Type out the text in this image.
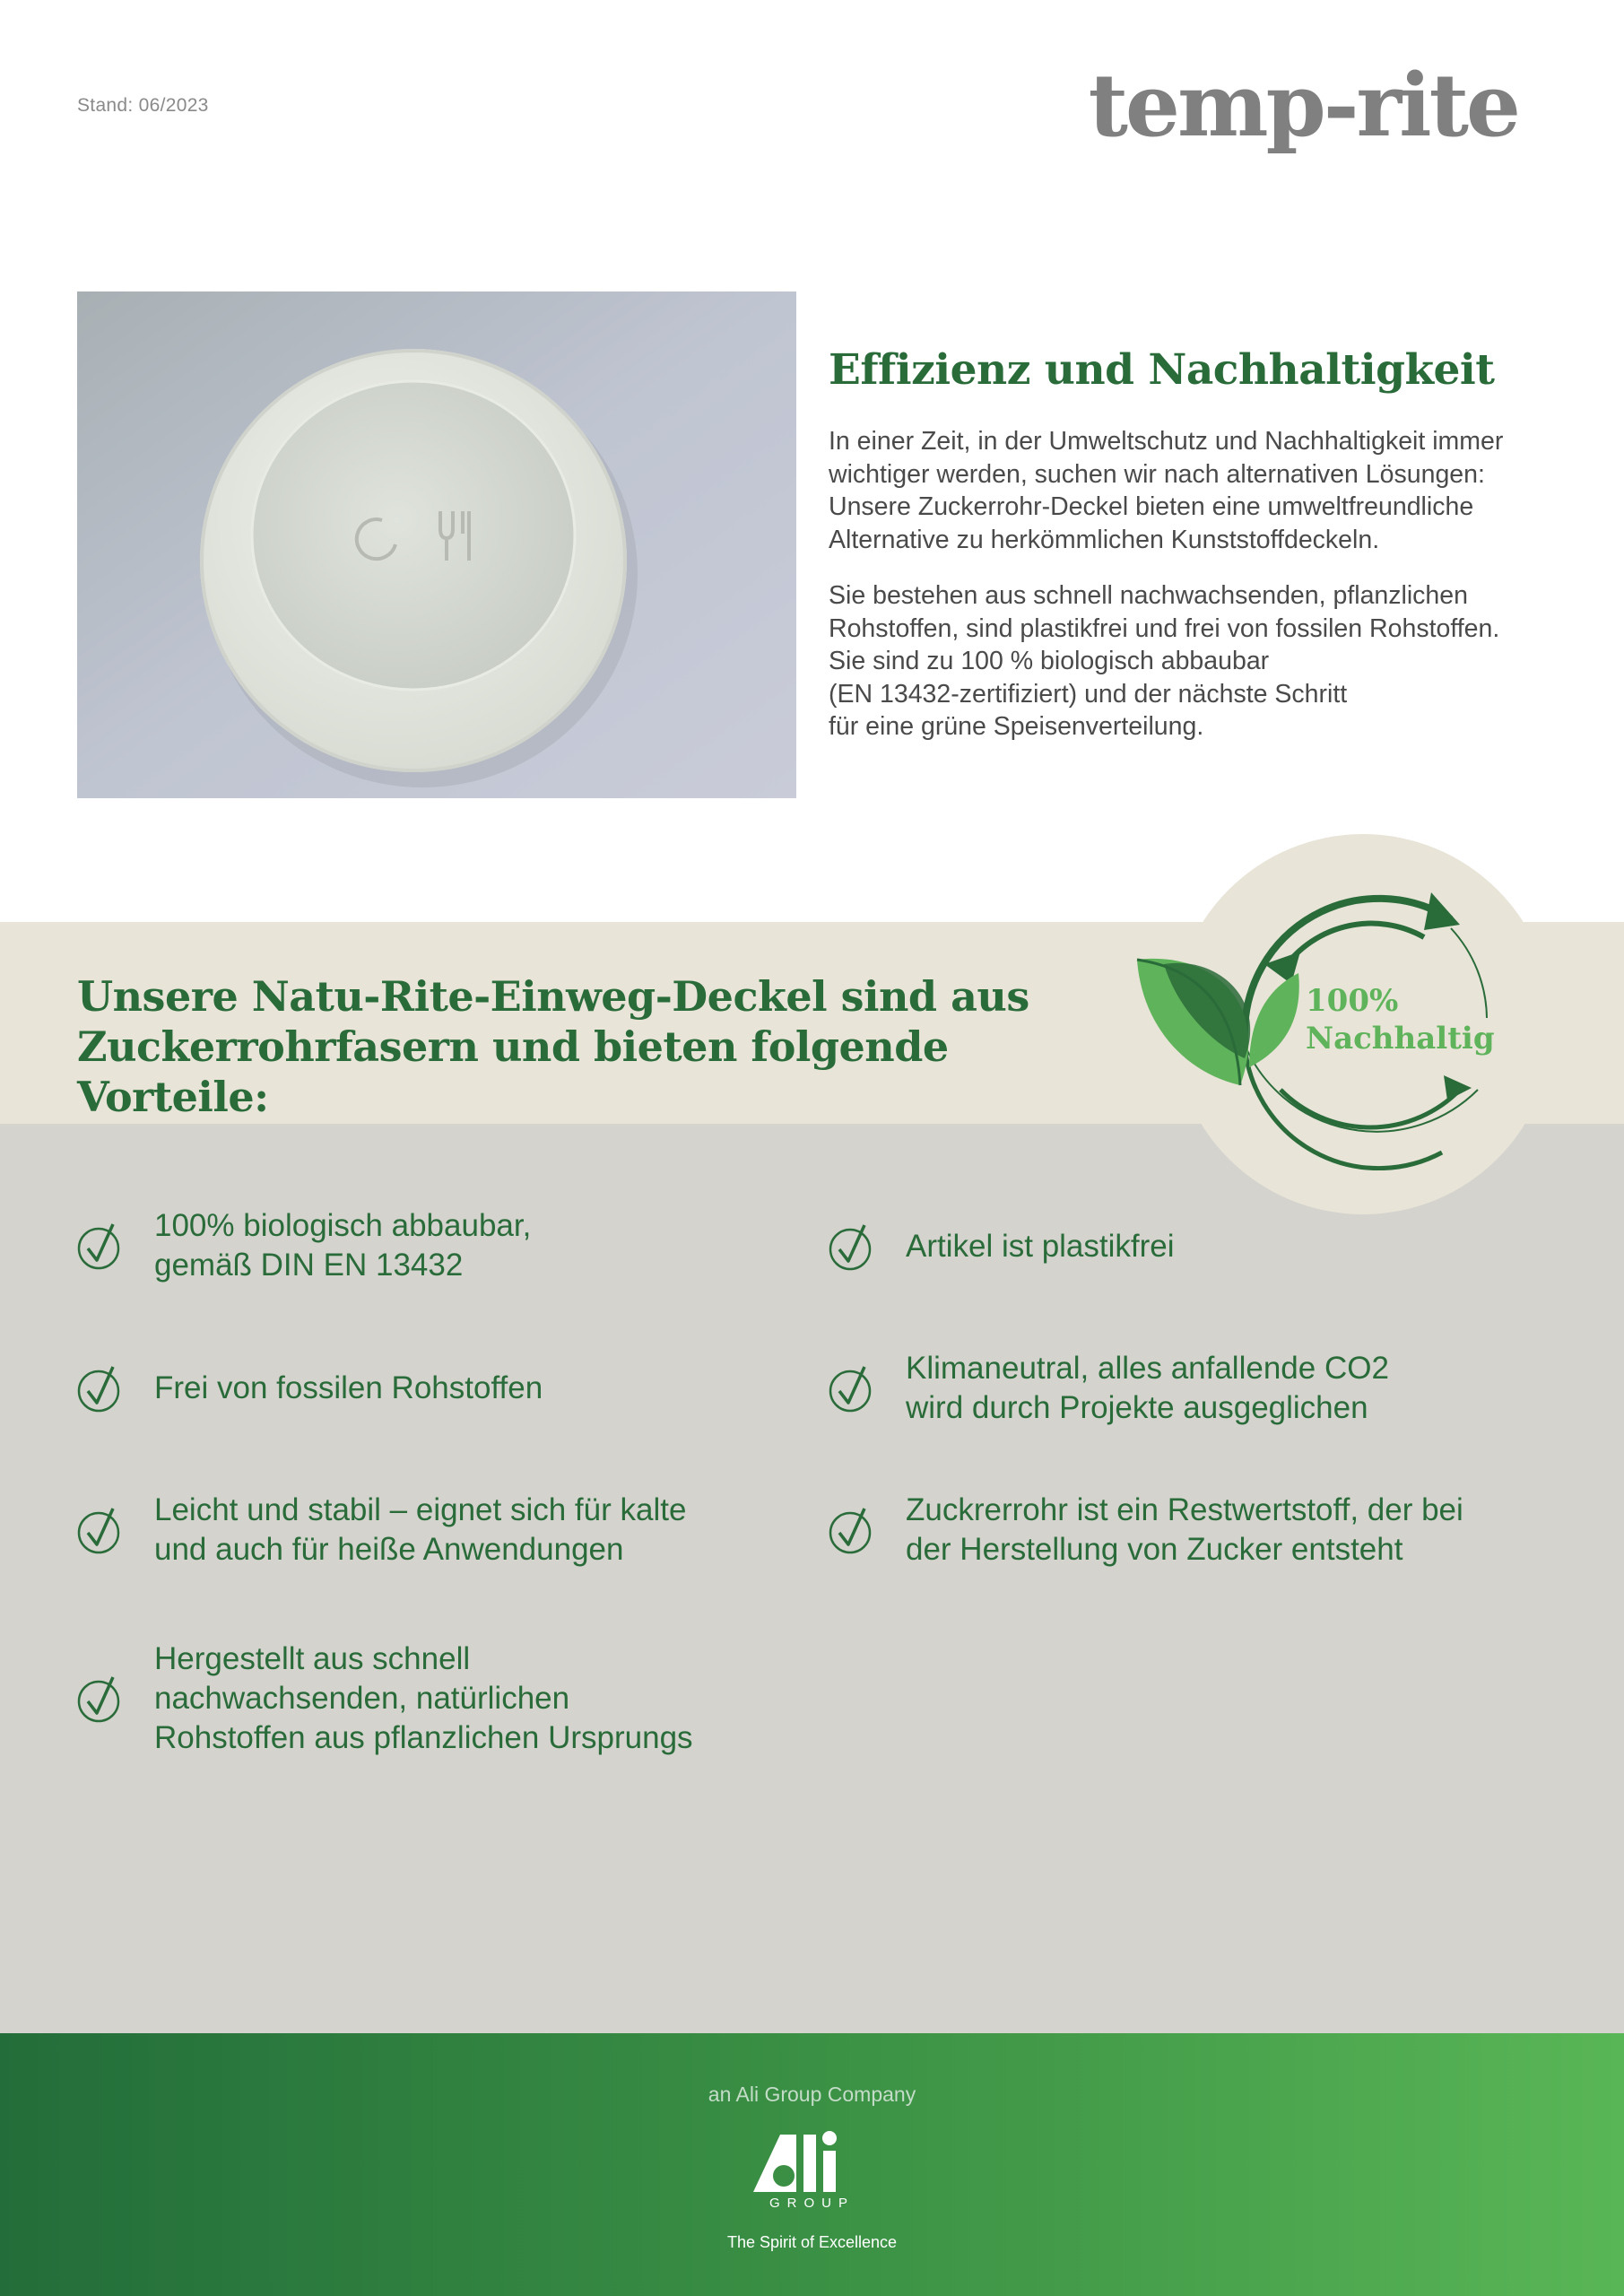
Stand: 06/2023	temp-rite
Effizienz und Nachhaltigkeit

In einer Zeit, in der Umweltschutz und Nachhaltigkeit immer
wichtiger werden, suchen wir nach alternativen Lösungen:
Unsere Zuckerrohr-Deckel bieten eine umweltfreundliche
Alternative zu herkömmlichen Kunststoffdeckeln.

Sie bestehen aus schnell nachwachsenden, pflanzlichen
Rohstoffen, sind plastikfrei und frei von fossilen Rohstoffen.
Sie sind zu 100 % biologisch abbaubar
(EN 13432-zertifiziert) und der nächste Schritt
für eine grüne Speisenverteilung.

100%
Nachhaltig
Unsere Natu-Rite-Einweg-Deckel sind aus
Zuckerrohrfasern und bieten folgende Vorteile:
100% biologisch abbaubar,
gemäß DIN EN 13432
Artikel ist plastikfrei
Frei von fossilen Rohstoffen
Klimaneutral, alles anfallende CO2
wird durch Projekte ausgeglichen
Leicht und stabil – eignet sich für kalte
und auch für heiße Anwendungen
Zuckrerrohr ist ein Restwertstoff, der bei
der Herstellung von Zucker entsteht
Hergestellt aus schnell
nachwachsenden, natürlichen
Rohstoffen aus pflanzlichen Ursprungs
an Ali Group Company
GROUP
The Spirit of Excellence
